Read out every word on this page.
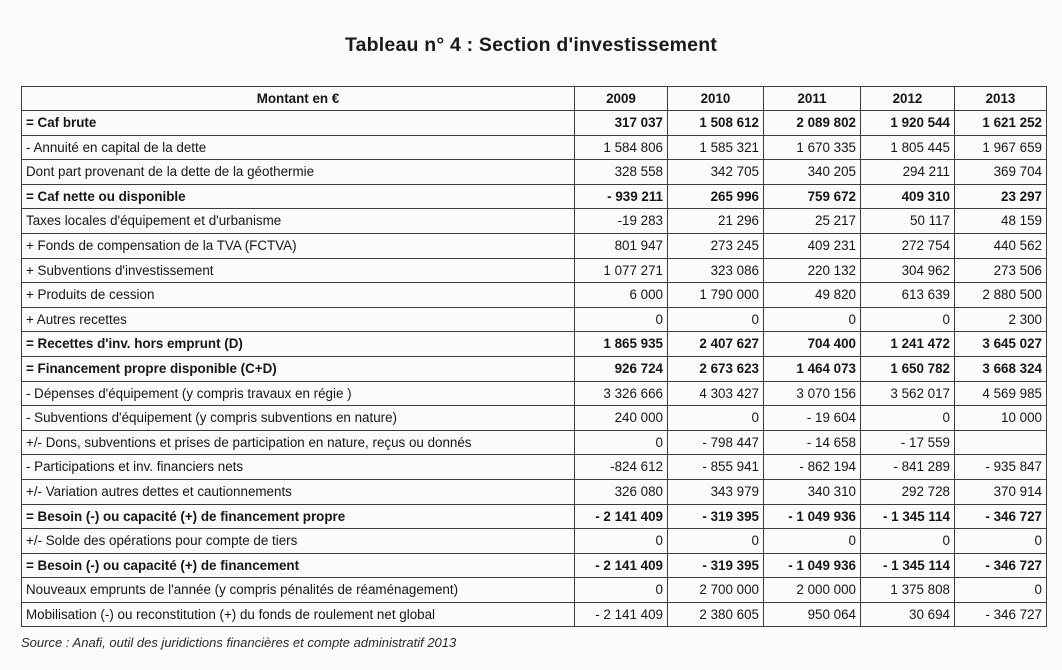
Tableau n° 4 : Section d'investissement
Montant en €	2009	2010	2011	2012	2013
= Caf brute	317 037	1 508 612	2 089 802	1 920 544	1 621 252
- Annuité en capital de la dette	1 584 806	1 585 321	1 670 335	1 805 445	1 967 659
Dont part provenant de la dette de la géothermie	328 558	342 705	340 205	294 211	369 704
= Caf nette ou disponible	- 939 211	265 996	759 672	409 310	23 297
Taxes locales d'équipement et d'urbanisme	-19 283	21 296	25 217	50 117	48 159
+ Fonds de compensation de la TVA (FCTVA)	801 947	273 245	409 231	272 754	440 562
+ Subventions d'investissement	1 077 271	323 086	220 132	304 962	273 506
+ Produits de cession	6 000	1 790 000	49 820	613 639	2 880 500
+ Autres recettes	0	0	0	0	2 300
= Recettes d'inv. hors emprunt (D)	1 865 935	2 407 627	704 400	1 241 472	3 645 027
= Financement propre disponible (C+D)	926 724	2 673 623	1 464 073	1 650 782	3 668 324
- Dépenses d'équipement (y compris travaux en régie )	3 326 666	4 303 427	3 070 156	3 562 017	4 569 985
- Subventions d'équipement (y compris subventions en nature)	240 000	0	- 19 604	0	10 000
+/- Dons, subventions et prises de participation en nature, reçus ou donnés	0	- 798 447	- 14 658	- 17 559	
- Participations et inv. financiers nets	-824 612	- 855 941	- 862 194	- 841 289	- 935 847
+/- Variation autres dettes et cautionnements	326 080	343 979	340 310	292 728	370 914
= Besoin (-) ou capacité (+) de financement propre	- 2 141 409	- 319 395	- 1 049 936	- 1 345 114	- 346 727
+/- Solde des opérations pour compte de tiers	0	0	0	0	0
= Besoin (-) ou capacité (+) de financement	- 2 141 409	- 319 395	- 1 049 936	- 1 345 114	- 346 727
Nouveaux emprunts de l'année (y compris pénalités de réaménagement)	0	2 700 000	2 000 000	1 375 808	0
Mobilisation (-) ou reconstitution (+) du fonds de roulement net global	- 2 141 409	2 380 605	950 064	30 694	- 346 727
Source : Anafi, outil des juridictions financières et compte administratif 2013
